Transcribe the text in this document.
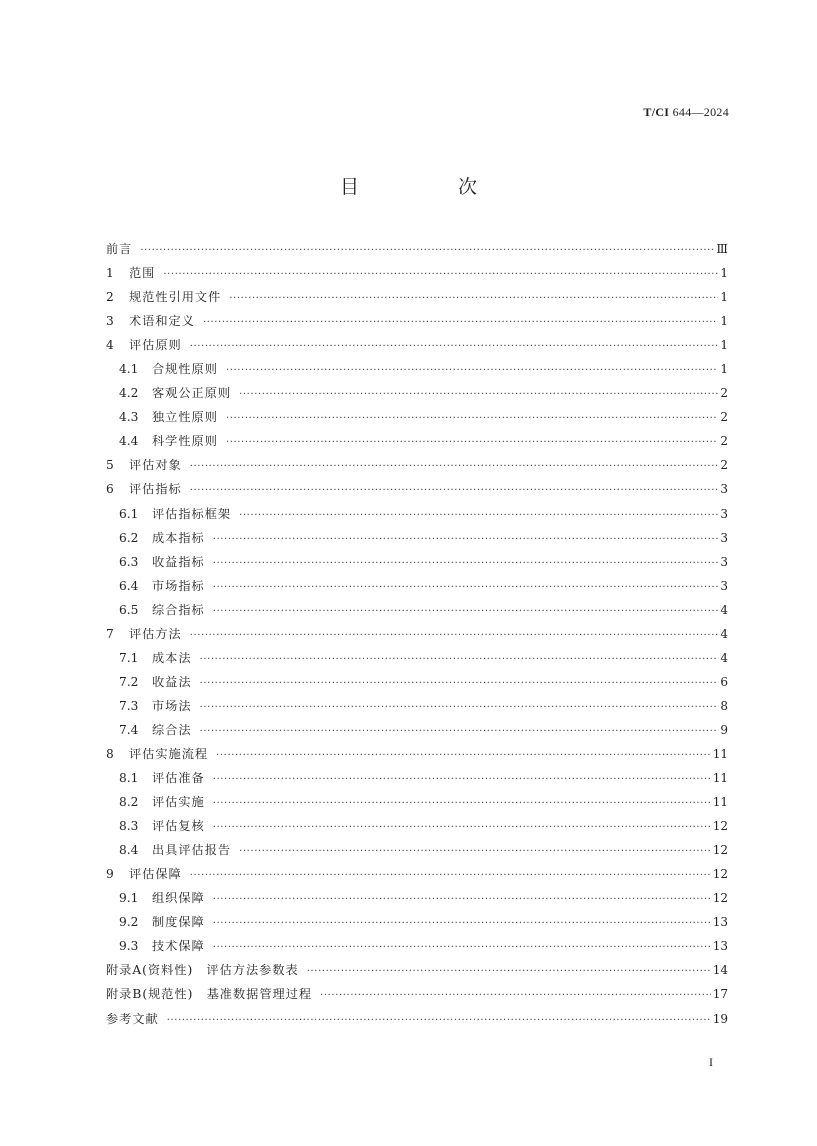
T/CI 644—2024
目　次
前言 ·····	Ⅲ
1	范围 ·····	1
2	规范性引用文件 ·····	1
3	术语和定义 ·····	1
4	评估原则 ·····	1
4.1	合规性原则 ·····	1
4.2	客观公正原则 ·····	2
4.3	独立性原则 ·····	2
4.4	科学性原则 ·····	2
5	评估对象 ·····	2
6	评估指标 ·····	3
6.1	评估指标框架 ·····	3
6.2	成本指标 ·····	3
6.3	收益指标 ·····	3
6.4	市场指标 ·····	3
6.5	综合指标 ·····	4
7	评估方法 ·····	4
7.1	成本法 ·····	4
7.2	收益法 ·····	6
7.3	市场法 ·····	8
7.4	综合法 ·····	9
8	评估实施流程 ·····	11
8.1	评估准备 ·····	11
8.2	评估实施 ·····	11
8.3	评估复核 ·····	12
8.4	出具评估报告 ·····	12
9	评估保障 ·····	12
9.1	组织保障 ·····	12
9.2	制度保障 ·····	13
9.3	技术保障 ·····	13
附录A(资料性)　评估方法参数表 ·····	14
附录B(规范性)　基准数据管理过程 ·····	17
参考文献 ·····	19
I
